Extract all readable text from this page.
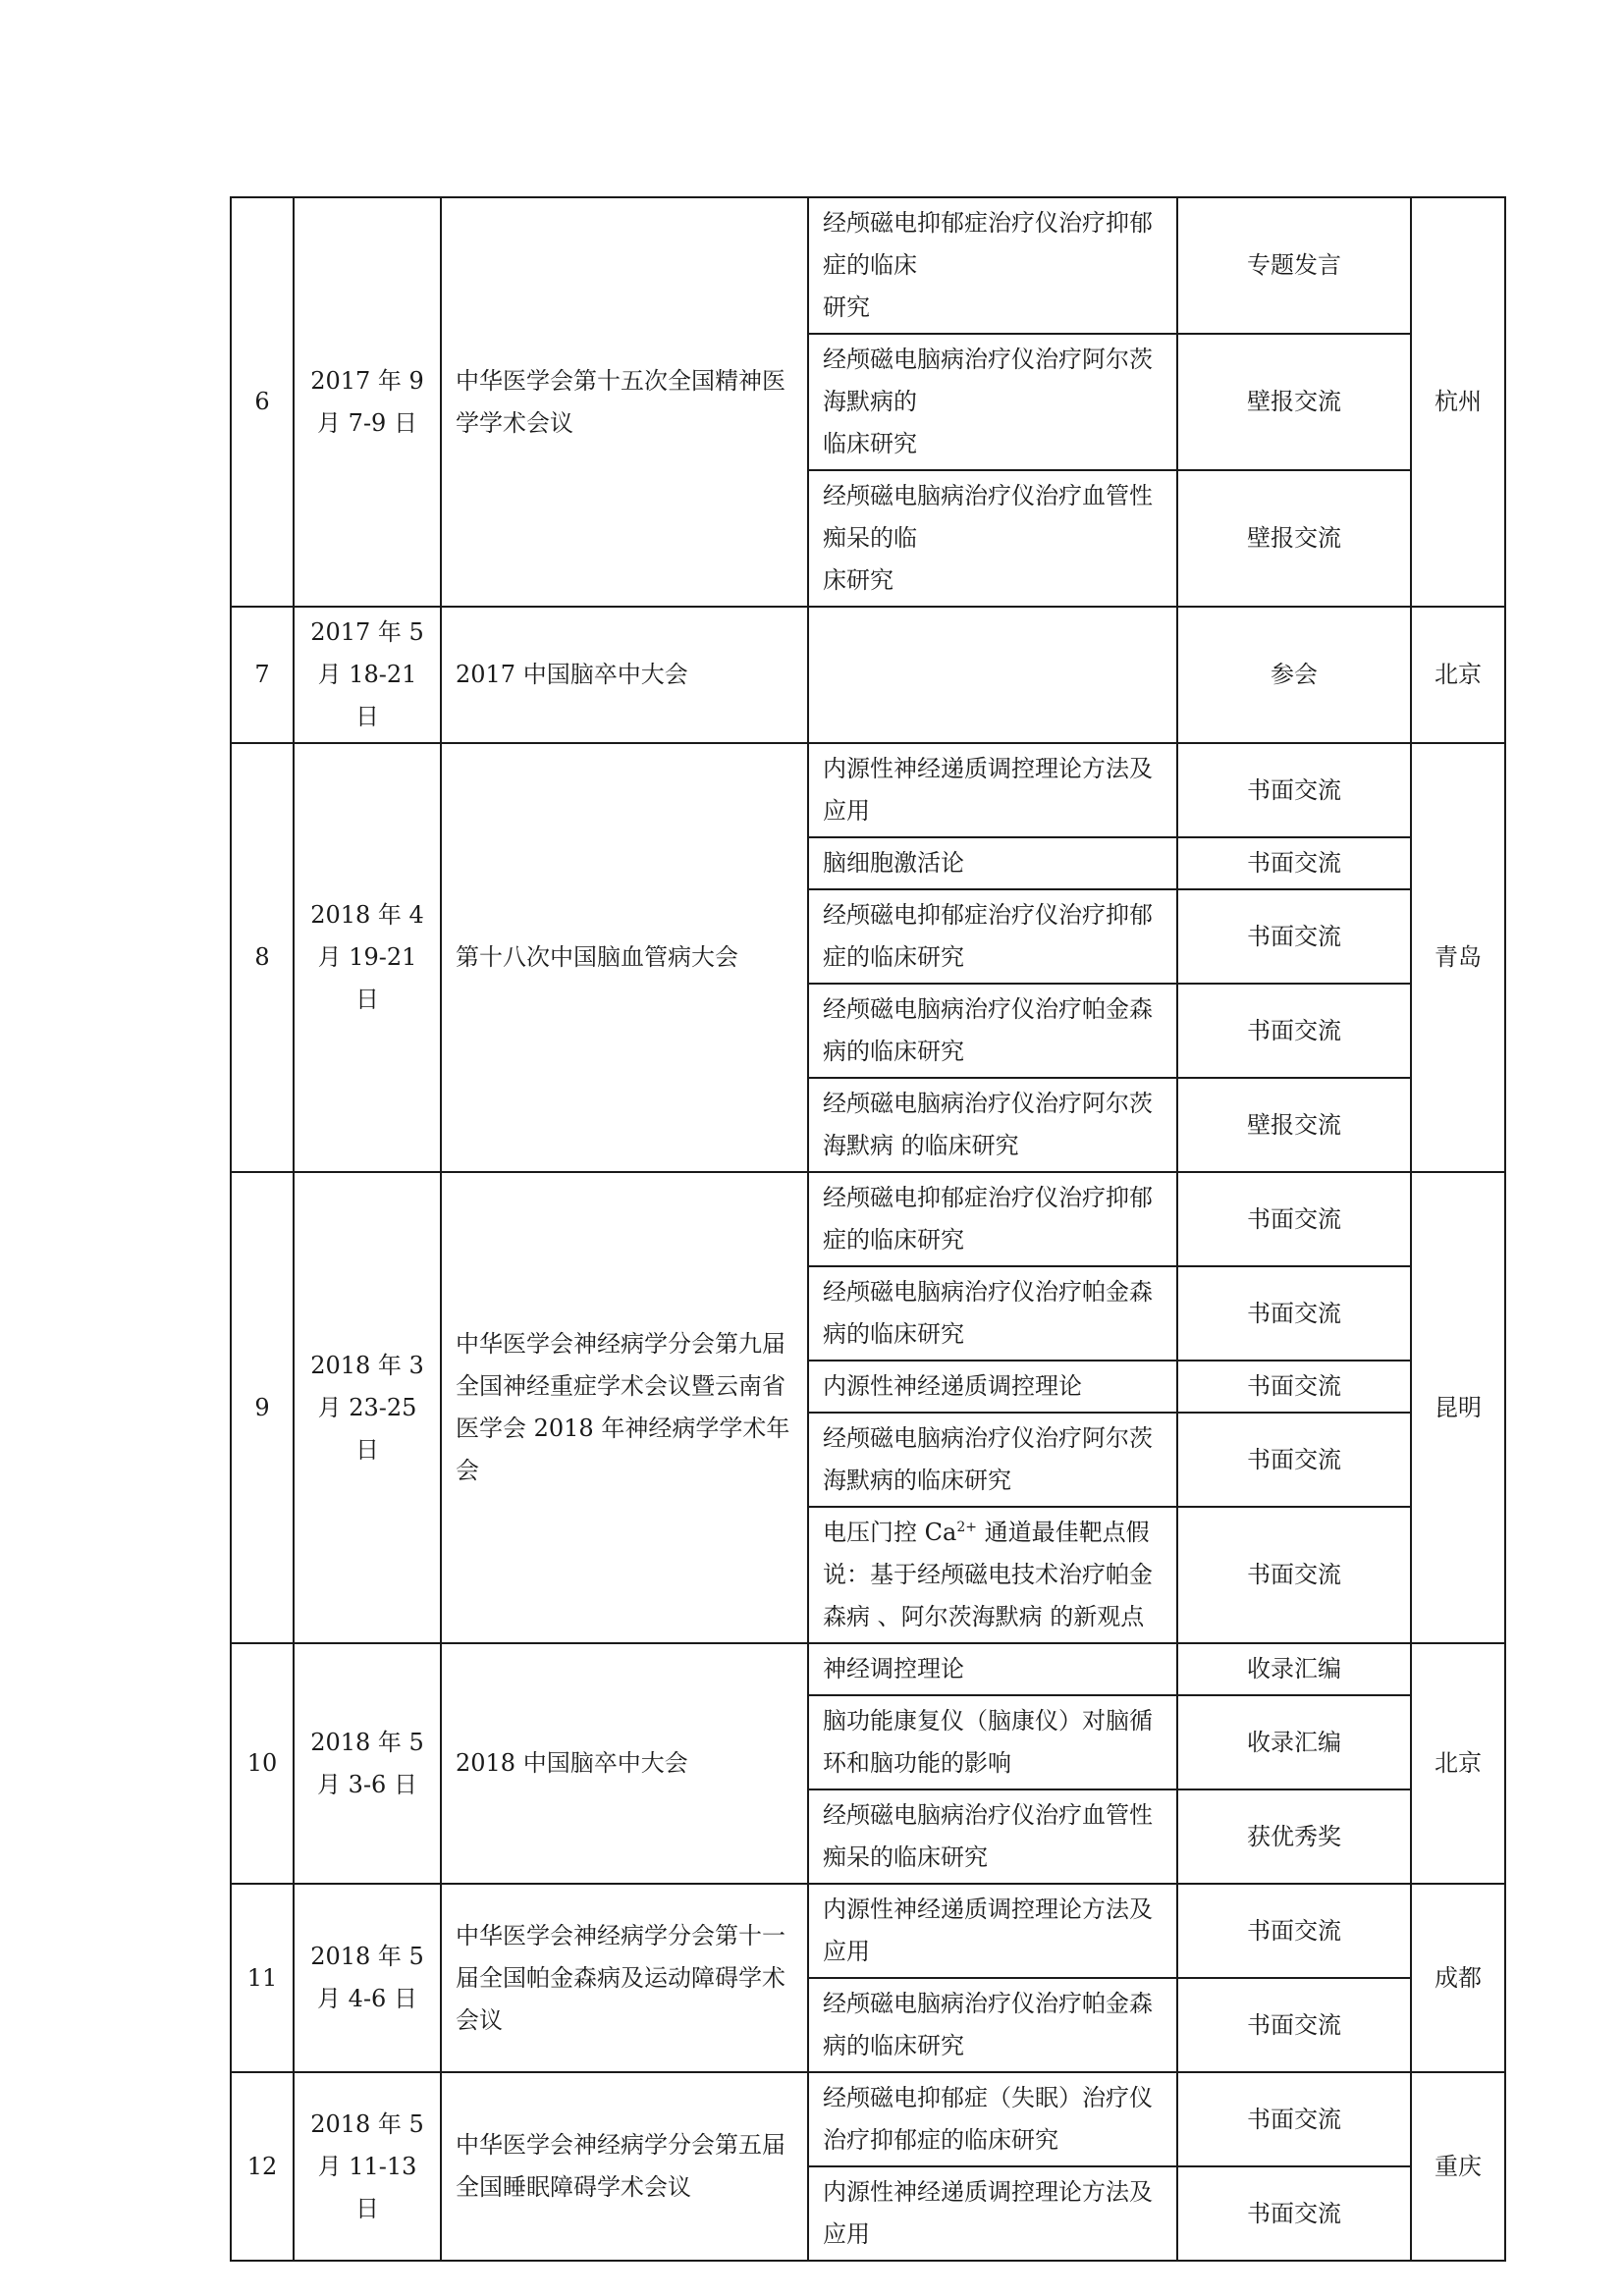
6	2017 年 9
月 7-9 日	中华医学会第十五次全国精神医学学术会议	经颅磁电抑郁症治疗仪治疗抑郁症的临床
研究	专题发言	杭州

			经颅磁电脑病治疗仪治疗阿尔茨海默病的
临床研究	壁报交流	

			经颅磁电脑病治疗仪治疗血管性痴呆的临
床研究	壁报交流	
7	2017 年 5
月 18-21 日	2017 中国脑卒中大会		参会	北京
8	2018 年 4
月 19-21 日	第十八次中国脑血管病大会	内源性神经递质调控理论方法及应用	书面交流	青岛
			脑细胞激活论	书面交流	
			经颅磁电抑郁症治疗仪治疗抑郁症的临床研究	书面交流	
			经颅磁电脑病治疗仪治疗帕金森病的临床研究	书面交流	
			经颅磁电脑病治疗仪治疗阿尔茨海默病 的临床研究	壁报交流	
9	2018 年 3
月 23-25 日	中华医学会神经病学分会第九届全国神经重症学术会议暨云南省医学会 2018 年神经病学学术年会	经颅磁电抑郁症治疗仪治疗抑郁症的临床研究	书面交流	昆明
			经颅磁电脑病治疗仪治疗帕金森病的临床研究	书面交流	
			内源性神经递质调控理论	书面交流	
			经颅磁电脑病治疗仪治疗阿尔茨海默病的临床研究	书面交流	
			电压门控 $Ca^{2+}$ 通道最佳靶点假说：基于经颅磁电技术治疗帕金森病 、阿尔茨海默病 的新观点	书面交流	
10	2018 年 5
月 3-6 日	2018 中国脑卒中大会	神经调控理论	收录汇编	北京
			脑功能康复仪（脑康仪）对脑循环和脑功能的影响	收录汇编	
			经颅磁电脑病治疗仪治疗血管性痴呆的临床研究	获优秀奖	
11	2018 年 5
月 4-6 日	中华医学会神经病学分会第十一届全国帕金森病及运动障碍学术会议	内源性神经递质调控理论方法及应用	书面交流	成都
			经颅磁电脑病治疗仪治疗帕金森病的临床研究	书面交流	
12	2018 年 5
月 11-13 日	中华医学会神经病学分会第五届全国睡眠障碍学术会议	经颅磁电抑郁症（失眠）治疗仪治疗抑郁症的临床研究	书面交流	重庆
			内源性神经递质调控理论方法及应用	书面交流	
